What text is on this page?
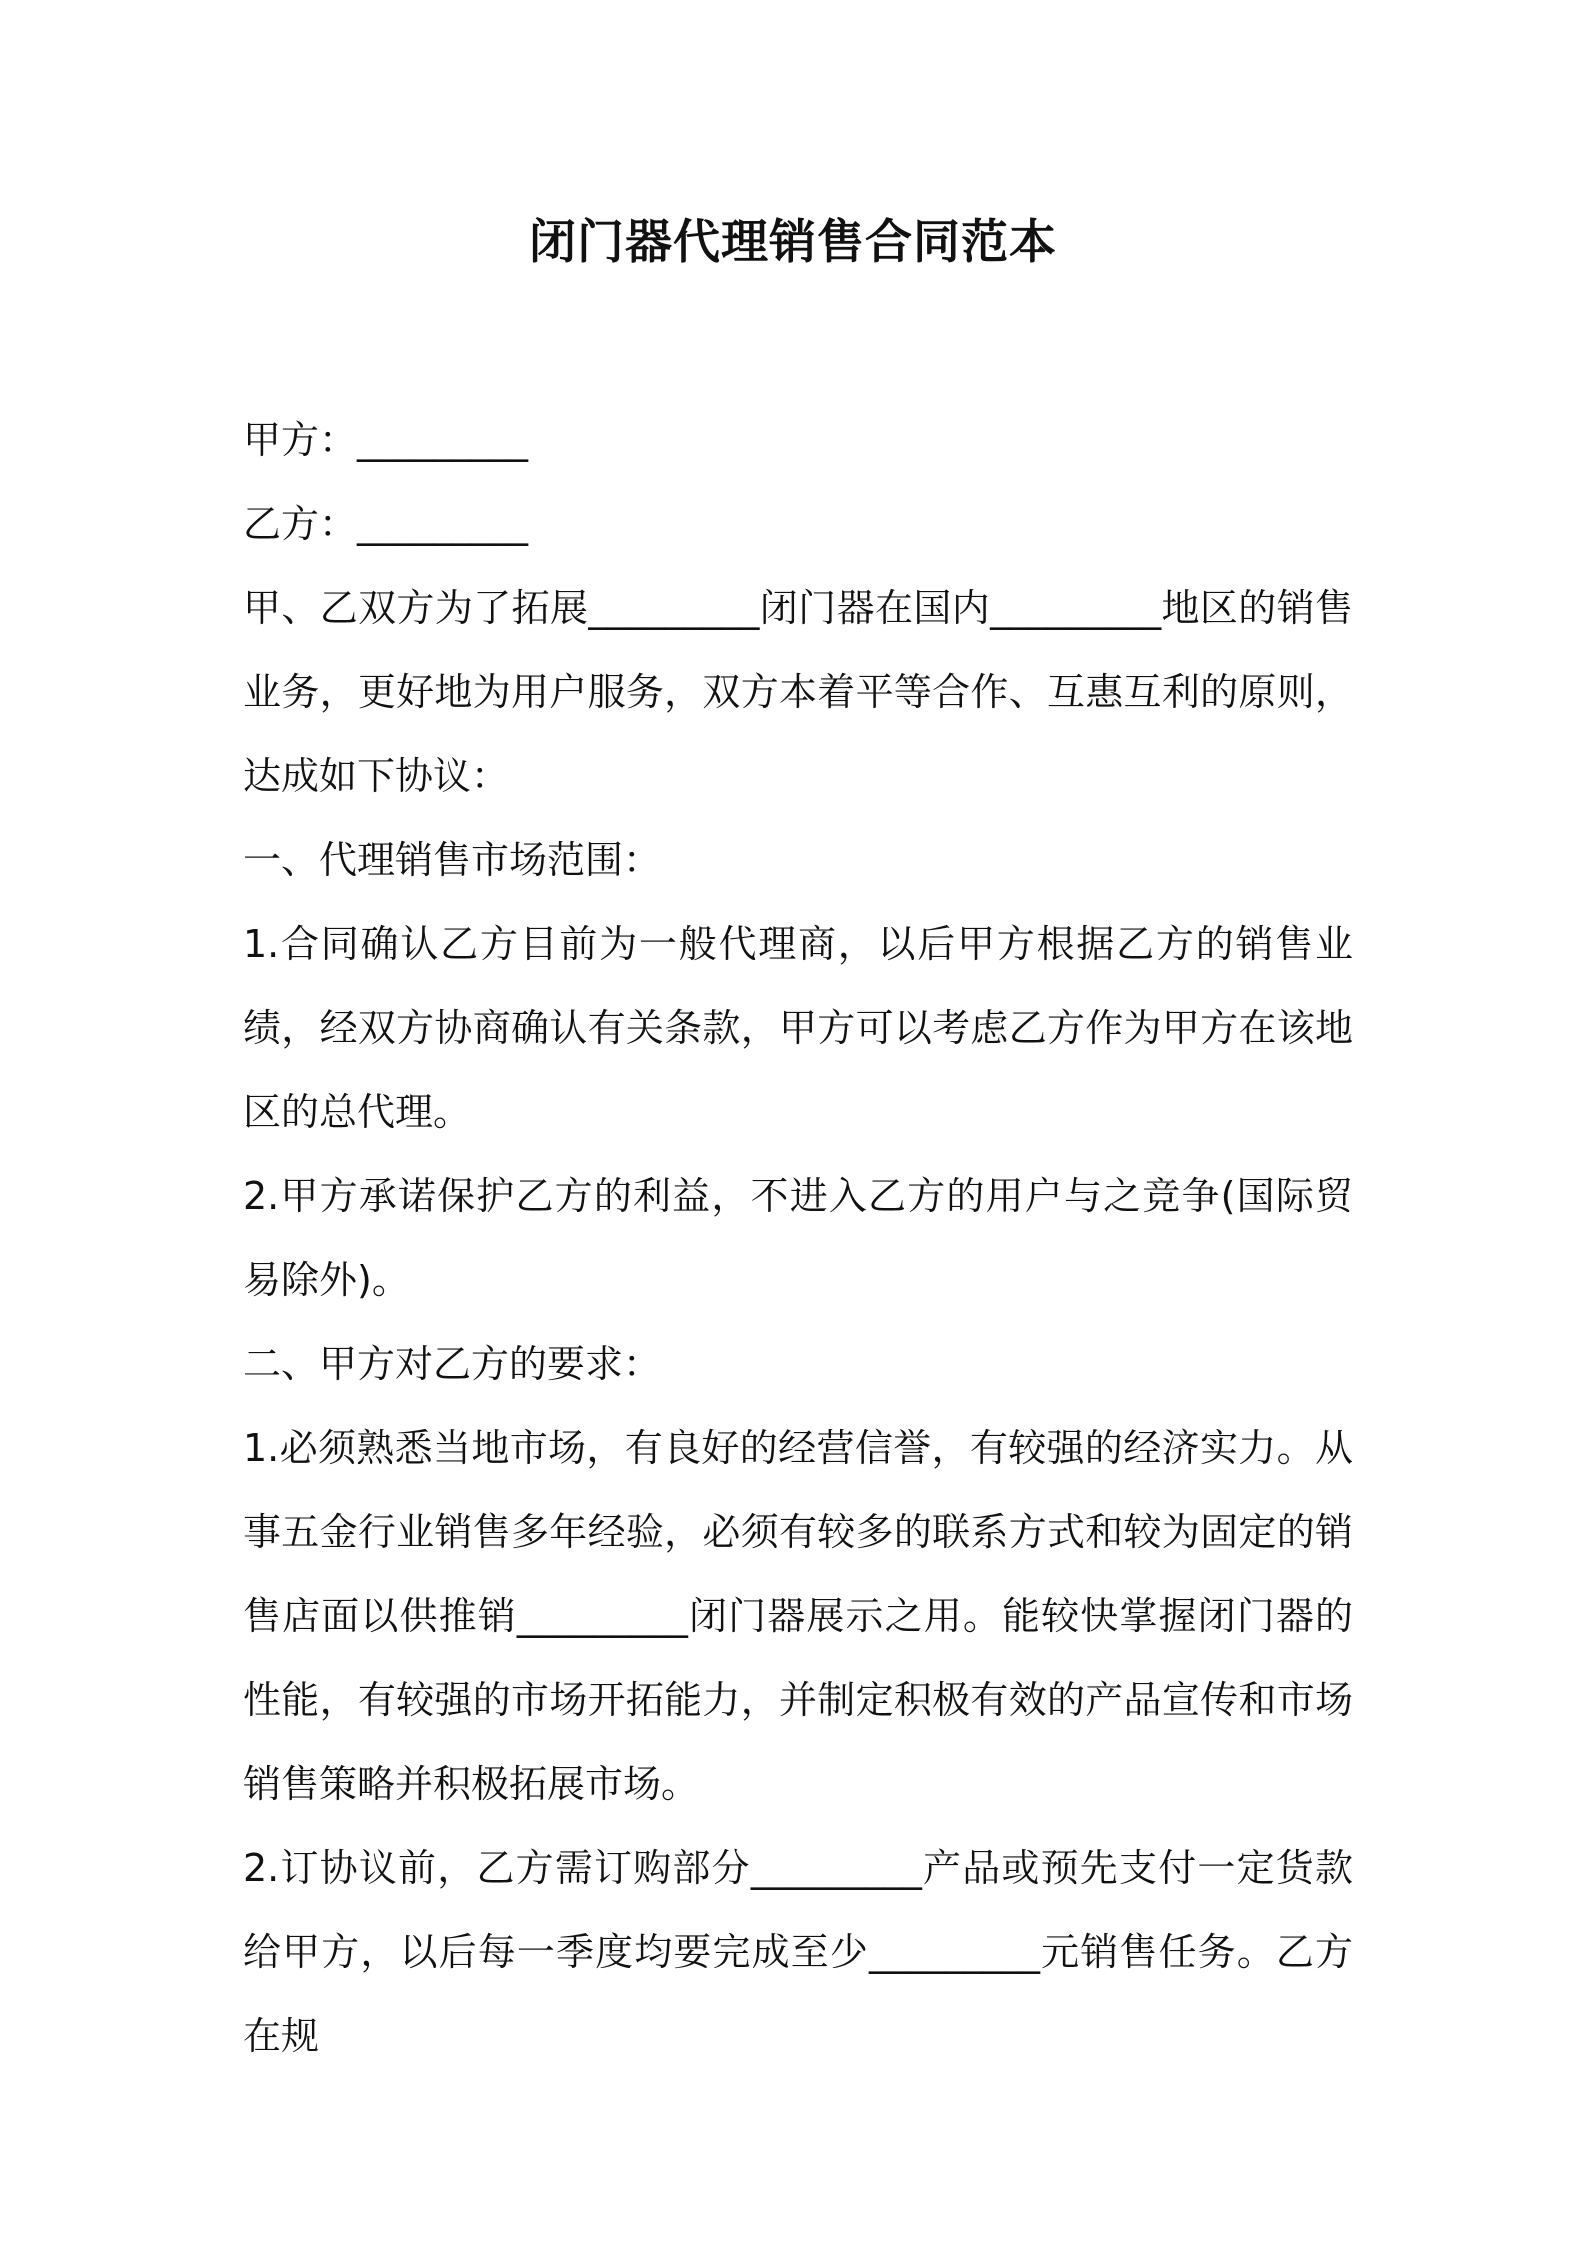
闭门器代理销售合同范本

甲方：_________

乙方：_________

甲、乙双方为了拓展_________闭门器在国内_________地区的销售业务，更好地为用户服务，双方本着平等合作、互惠互利的原则，达成如下协议：

一、代理销售市场范围：

1.合同确认乙方目前为一般代理商，以后甲方根据乙方的销售业绩，经双方协商确认有关条款，甲方可以考虑乙方作为甲方在该地区的总代理。

2.甲方承诺保护乙方的利益，不进入乙方的用户与之竞争(国际贸易除外)。

二、甲方对乙方的要求：

1.必须熟悉当地市场，有良好的经营信誉，有较强的经济实力。从事五金行业销售多年经验，必须有较多的联系方式和较为固定的销售店面以供推销_________闭门器展示之用。能较快掌握闭门器的性能，有较强的市场开拓能力，并制定积极有效的产品宣传和市场销售策略并积极拓展市场。

2.订协议前，乙方需订购部分_________产品或预先支付一定货款给甲方，以后每一季度均要完成至少_________元销售任务。乙方在规
